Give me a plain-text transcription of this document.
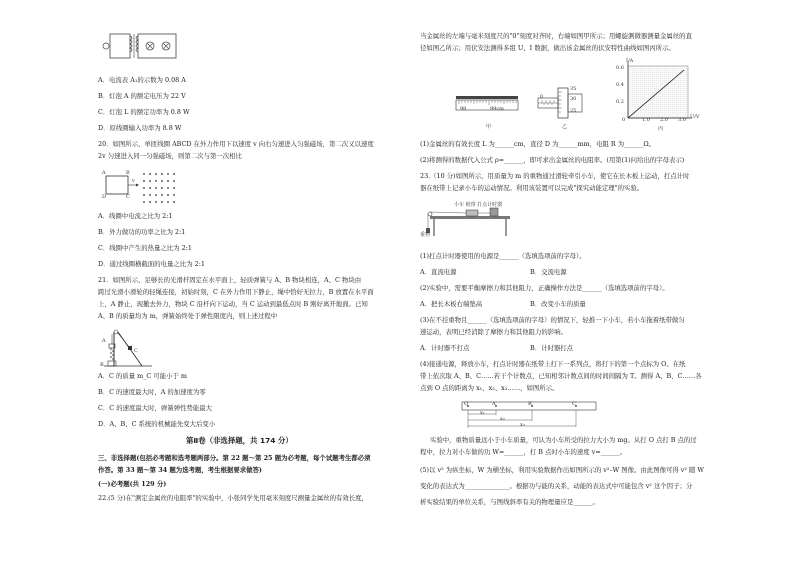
A．电流表 A₁的示数为 0.08 A
B．灯泡 A 的额定电压为 22 V
C．灯泡 L 的额定功率为 0.8 W
D．原线圈输入功率为 8.8 W
20．如图所示，单匝线圈 ABCD 在外力作用下以速度 v 向右匀速进入匀强磁场，第二次又以速度
2v 匀速进入同一匀强磁场，则第二次与第一次相比
A	B
C
D
v
A．线圈中电流之比为 2:1
B．外力做功的功率之比为 2:1
C．线圈中产生的热量之比为 2:1
D．通过线圈横截面的电量之比为 2:1
21．如图所示，足够长的光滑杆固定在水平面上，轻质弹簧与 A、B 物块相连，A、C 物块由
跨过光滑小滑轮的轻绳连接，初始时刻，C 在外力作用下静止，绳中恰好无拉力，B 放置在水平面
上，A 静止，现撤去外力，物块 C 沿杆向下运动，当 C 运动到最低点时 B 刚好离开地面。已知
A、B 的质量均为 m，弹簧始终处于弹性限度内，则上述过程中
A
B
C
A．C 的质量 m_C 可能小于 m
B．C 的速度最大时，A 的加速度为零
C．C 的速度最大时，弹簧弹性势能最大
D．A、B、C 系统的机械能先变大后变小
第Ⅱ卷（非选择题，共 174 分）
三、非选择题(包括必考题和选考题两部分。第 22 题～第 25 题为必考题，每个试题考生都必须
作答。第 33 题～第 34 题为选考题，考生根据要求做答)
(一)必考题(共 129 分)
22.(5 分)在"测定金属丝的电阻率"的实验中，小张同学先用毫米刻度尺测量金属丝的有效长度，
当金属丝的左端与毫米刻度尺的"0"刻度对齐时，右端如图甲所示；用螺旋测微器测量金属丝的直
径如图乙所示；用伏安法测得多组 U、I 数据，做出该金属丝的伏安特性曲线如图丙所示。
98	99cm
甲
35
30
25
0
乙
I/A
U/V
0.6
0.4
0.2
0	1.0 2.0 3.0
丙
(1)金属丝的有效长度 L 为______cm，直径 D 为______mm，电阻 R 为______Ω。
(2)将测得的数据代入公式 ρ=______，即可求出金属丝的电阻率。(用第(1)问给出的字母表示)
23.（10 分)如图所示，用质量为 m 的重物通过滑轮牵引小车，使它在长木板上运动，打点计时
器在纸带上记录小车的运动情况。利用该装置可以完成"探究动能定理"的实验。
小车 纸带 打点计时器
重物
(1)打点计时器使用的电源是______（选填选项前的字母）。
A．直流电源	B．交流电源
(2)实验中，需要平衡摩擦力和其他阻力，正确操作方法是______（选填选项前的字母）。
A．把长木板右端垫高	B．改变小车的质量
(3)在不挂重物且______（选填选项前的字母）的情况下，轻推一下小车，若小车拖着纸带做匀
速运动，表明已经消除了摩擦力和其他阻力的影响。
A．计时器不打点	B．计时器打点
(4)接通电源，释放小车，打点计时器在纸带上打下一系列点，将打下的第一个点标为 O。在纸
带上依次取 A、B、C……若干个计数点，已知相邻计数点间的时间间隔为 T。测得 A、B、C……各
点到 O 点的距离为 x₁、x₂、x₃……，如图所示。
O	A	B	C
x₁
x₂
x₃
实验中，重物质量远小于小车质量，可认为小车所受的拉力大小为 mg。从打 O 点打 B 点的过
程中，拉力对小车做的功 W=______，打 B 点时小车的速度 v=______。
(5)以 v² 为纵坐标，W 为横坐标，利用实验数据作出如图所示的 v²–W 图像。由此图像可得 v² 随 W
变化的表达式为______________。根据功与能的关系，动能的表达式中可能包含 v² 这个因子；分
析实验结果的单位关系，与图线斜率有关的物理量应是______。
